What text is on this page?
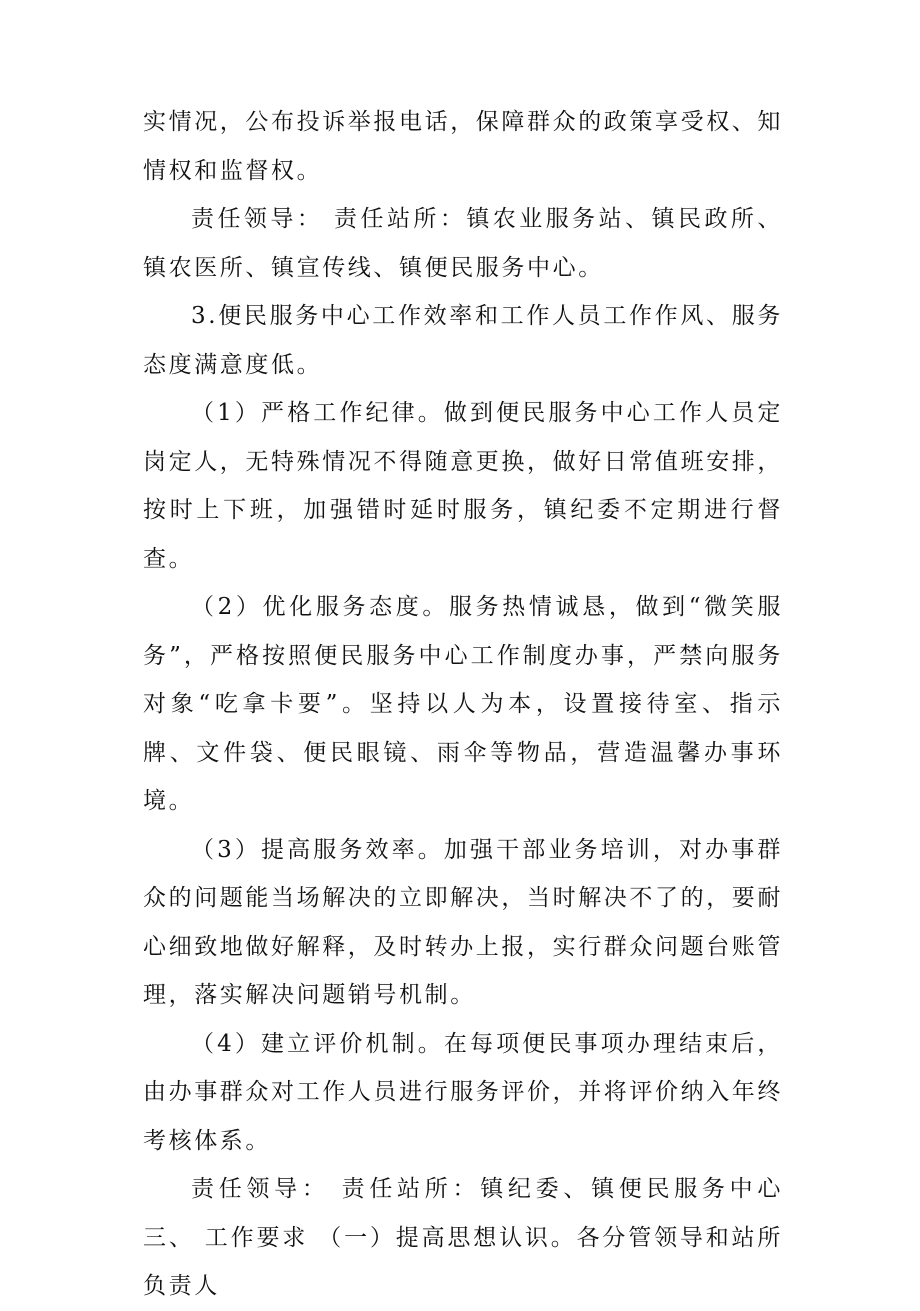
实情况，公布投诉举报电话，保障群众的政策享受权、知情权和监督权。

责任领导： 责任站所：镇农业服务站、镇民政所、镇农医所、镇宣传线、镇便民服务中心。

3.便民服务中心工作效率和工作人员工作作风、服务态度满意度低。

（1）严格工作纪律。做到便民服务中心工作人员定岗定人，无特殊情况不得随意更换，做好日常值班安排，按时上下班，加强错时延时服务，镇纪委不定期进行督查。

（2）优化服务态度。服务热情诚恳，做到“微笑服务”，严格按照便民服务中心工作制度办事，严禁向服务对象“吃拿卡要”。坚持以人为本，设置接待室、指示牌、文件袋、便民眼镜、雨伞等物品，营造温馨办事环境。

（3）提高服务效率。加强干部业务培训，对办事群众的问题能当场解决的立即解决，当时解决不了的，要耐心细致地做好解释，及时转办上报，实行群众问题台账管理，落实解决问题销号机制。

（4）建立评价机制。在每项便民事项办理结束后，由办事群众对工作人员进行服务评价，并将评价纳入年终考核体系。

责任领导： 责任站所：镇纪委、镇便民服务中心 三、 工作要求 （一）提高思想认识。各分管领导和站所负责人
